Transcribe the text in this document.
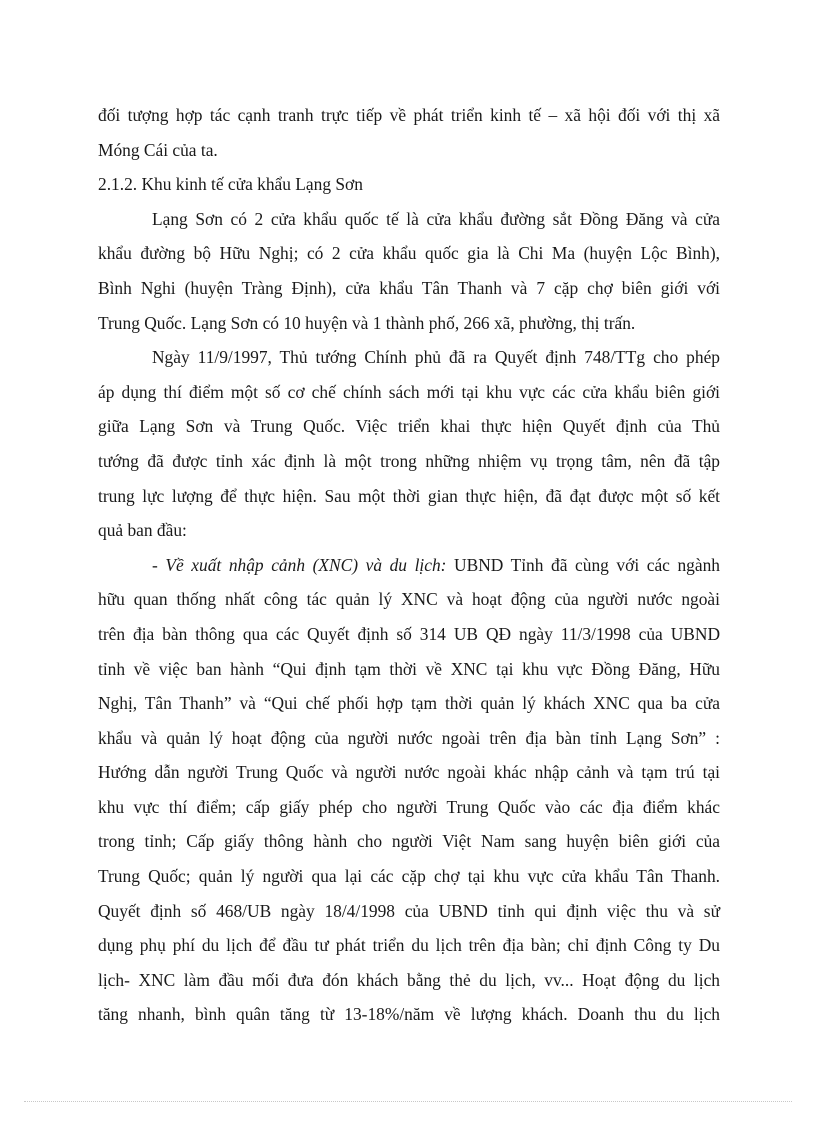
đối tượng hợp tác cạnh tranh trực tiếp về phát triển kinh tế – xã hội đối với thị xã
Móng Cái của ta.
2.1.2. Khu kinh tế cửa khẩu Lạng Sơn
Lạng Sơn có 2 cửa khẩu quốc tế là cửa khẩu đường sắt Đồng Đăng và cửa
khẩu đường bộ Hữu Nghị; có 2 cửa khẩu quốc gia là Chi Ma (huyện Lộc Bình),
Bình Nghi (huyện Tràng Định), cửa khẩu Tân Thanh và 7 cặp chợ biên giới với
Trung Quốc. Lạng Sơn có 10 huyện và 1 thành phố, 266 xã, phường, thị trấn.
Ngày 11/9/1997, Thủ tướng Chính phủ đã ra Quyết định 748/TTg cho phép
áp dụng thí điểm một số cơ chế chính sách mới tại khu vực các cửa khẩu biên giới
giữa Lạng Sơn và Trung Quốc. Việc triển khai thực hiện Quyết định của Thủ
tướng đã được tỉnh xác định là một trong những nhiệm vụ trọng tâm, nên đã tập
trung lực lượng để thực hiện. Sau một thời gian thực hiện, đã đạt được một số kết
quả ban đầu:
- Về xuất nhập cảnh (XNC) và du lịch: UBND Tỉnh đã cùng với các ngành
hữu quan thống nhất công tác quản lý XNC và hoạt động của người nước ngoài
trên địa bàn thông qua các Quyết định số 314 UB QĐ ngày 11/3/1998 của UBND
tỉnh về việc ban hành “Qui định tạm thời về XNC tại khu vực Đồng Đăng, Hữu
Nghị, Tân Thanh” và “Qui chế phối hợp tạm thời quản lý khách XNC qua ba cửa
khẩu và quản lý hoạt động của người nước ngoài trên địa bàn tỉnh Lạng Sơn” :
Hướng dẫn người Trung Quốc và người nước ngoài khác nhập cảnh và tạm trú tại
khu vực thí điểm; cấp giấy phép cho người Trung Quốc vào các địa điểm khác
trong tỉnh; Cấp giấy thông hành cho người Việt Nam sang huyện biên giới của
Trung Quốc; quản lý người qua lại các cặp chợ tại khu vực cửa khẩu Tân Thanh.
Quyết định số 468/UB ngày 18/4/1998 của UBND tỉnh qui định việc thu và sử
dụng phụ phí du lịch để đầu tư phát triển du lịch trên địa bàn; chỉ định Công ty Du
lịch- XNC làm đầu mối đưa đón khách bằng thẻ du lịch, vv... Hoạt động du lịch
tăng nhanh, bình quân tăng từ 13-18%/năm về lượng khách. Doanh thu du lịch
